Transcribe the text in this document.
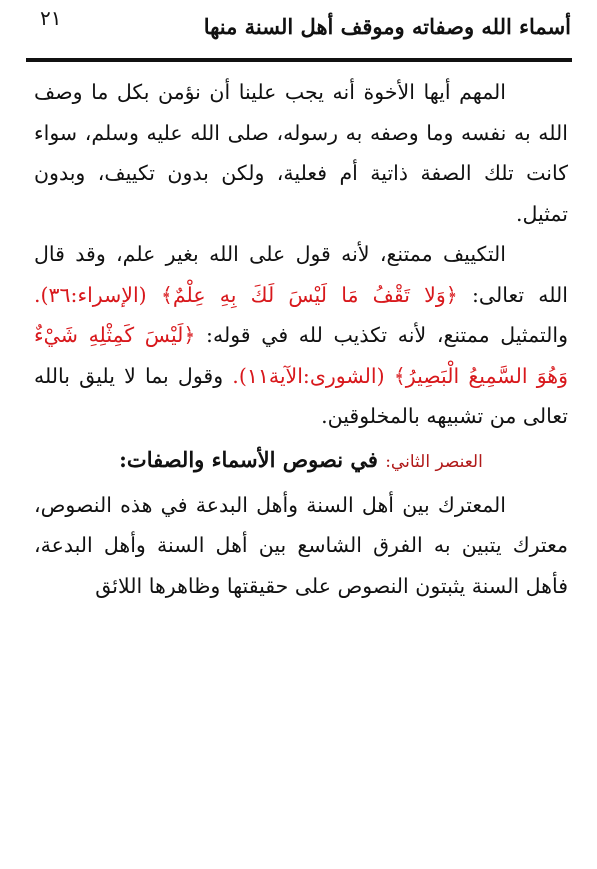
أسماء الله وصفاته وموقف أهل السنة منها
٢١

المهم أيها الأخوة أنه يجب علينا أن نؤمن بكل ما وصف الله به نفسه وما وصفه به رسوله، صلى الله عليه وسلم، سواء كانت تلك الصفة ذاتية أم فعلية، ولكن بدون تكييف، وبدون تمثيل.

التكييف ممتنع، لأنه قول على الله بغير علم، وقد قال الله تعالى: ﴿وَلا تَقْفُ مَا لَيْسَ لَكَ بِهِ عِلْمٌ﴾ (الإسراء:٣٦). والتمثيل ممتنع، لأنه تكذيب لله في قوله: ﴿لَيْسَ كَمِثْلِهِ شَيْءٌ وَهُوَ السَّمِيعُ الْبَصِيرُ﴾ (الشورى:الآية١١). وقول بما لا يليق بالله تعالى من تشبيهه بالمخلوقين.

العنصر الثاني: في نصوص الأسماء والصفات:

المعترك بين أهل السنة وأهل البدعة في هذه النصوص، معترك يتبين به الفرق الشاسع بين أهل السنة وأهل البدعة، فأهل السنة يثبتون النصوص على حقيقتها وظاهرها اللائق
